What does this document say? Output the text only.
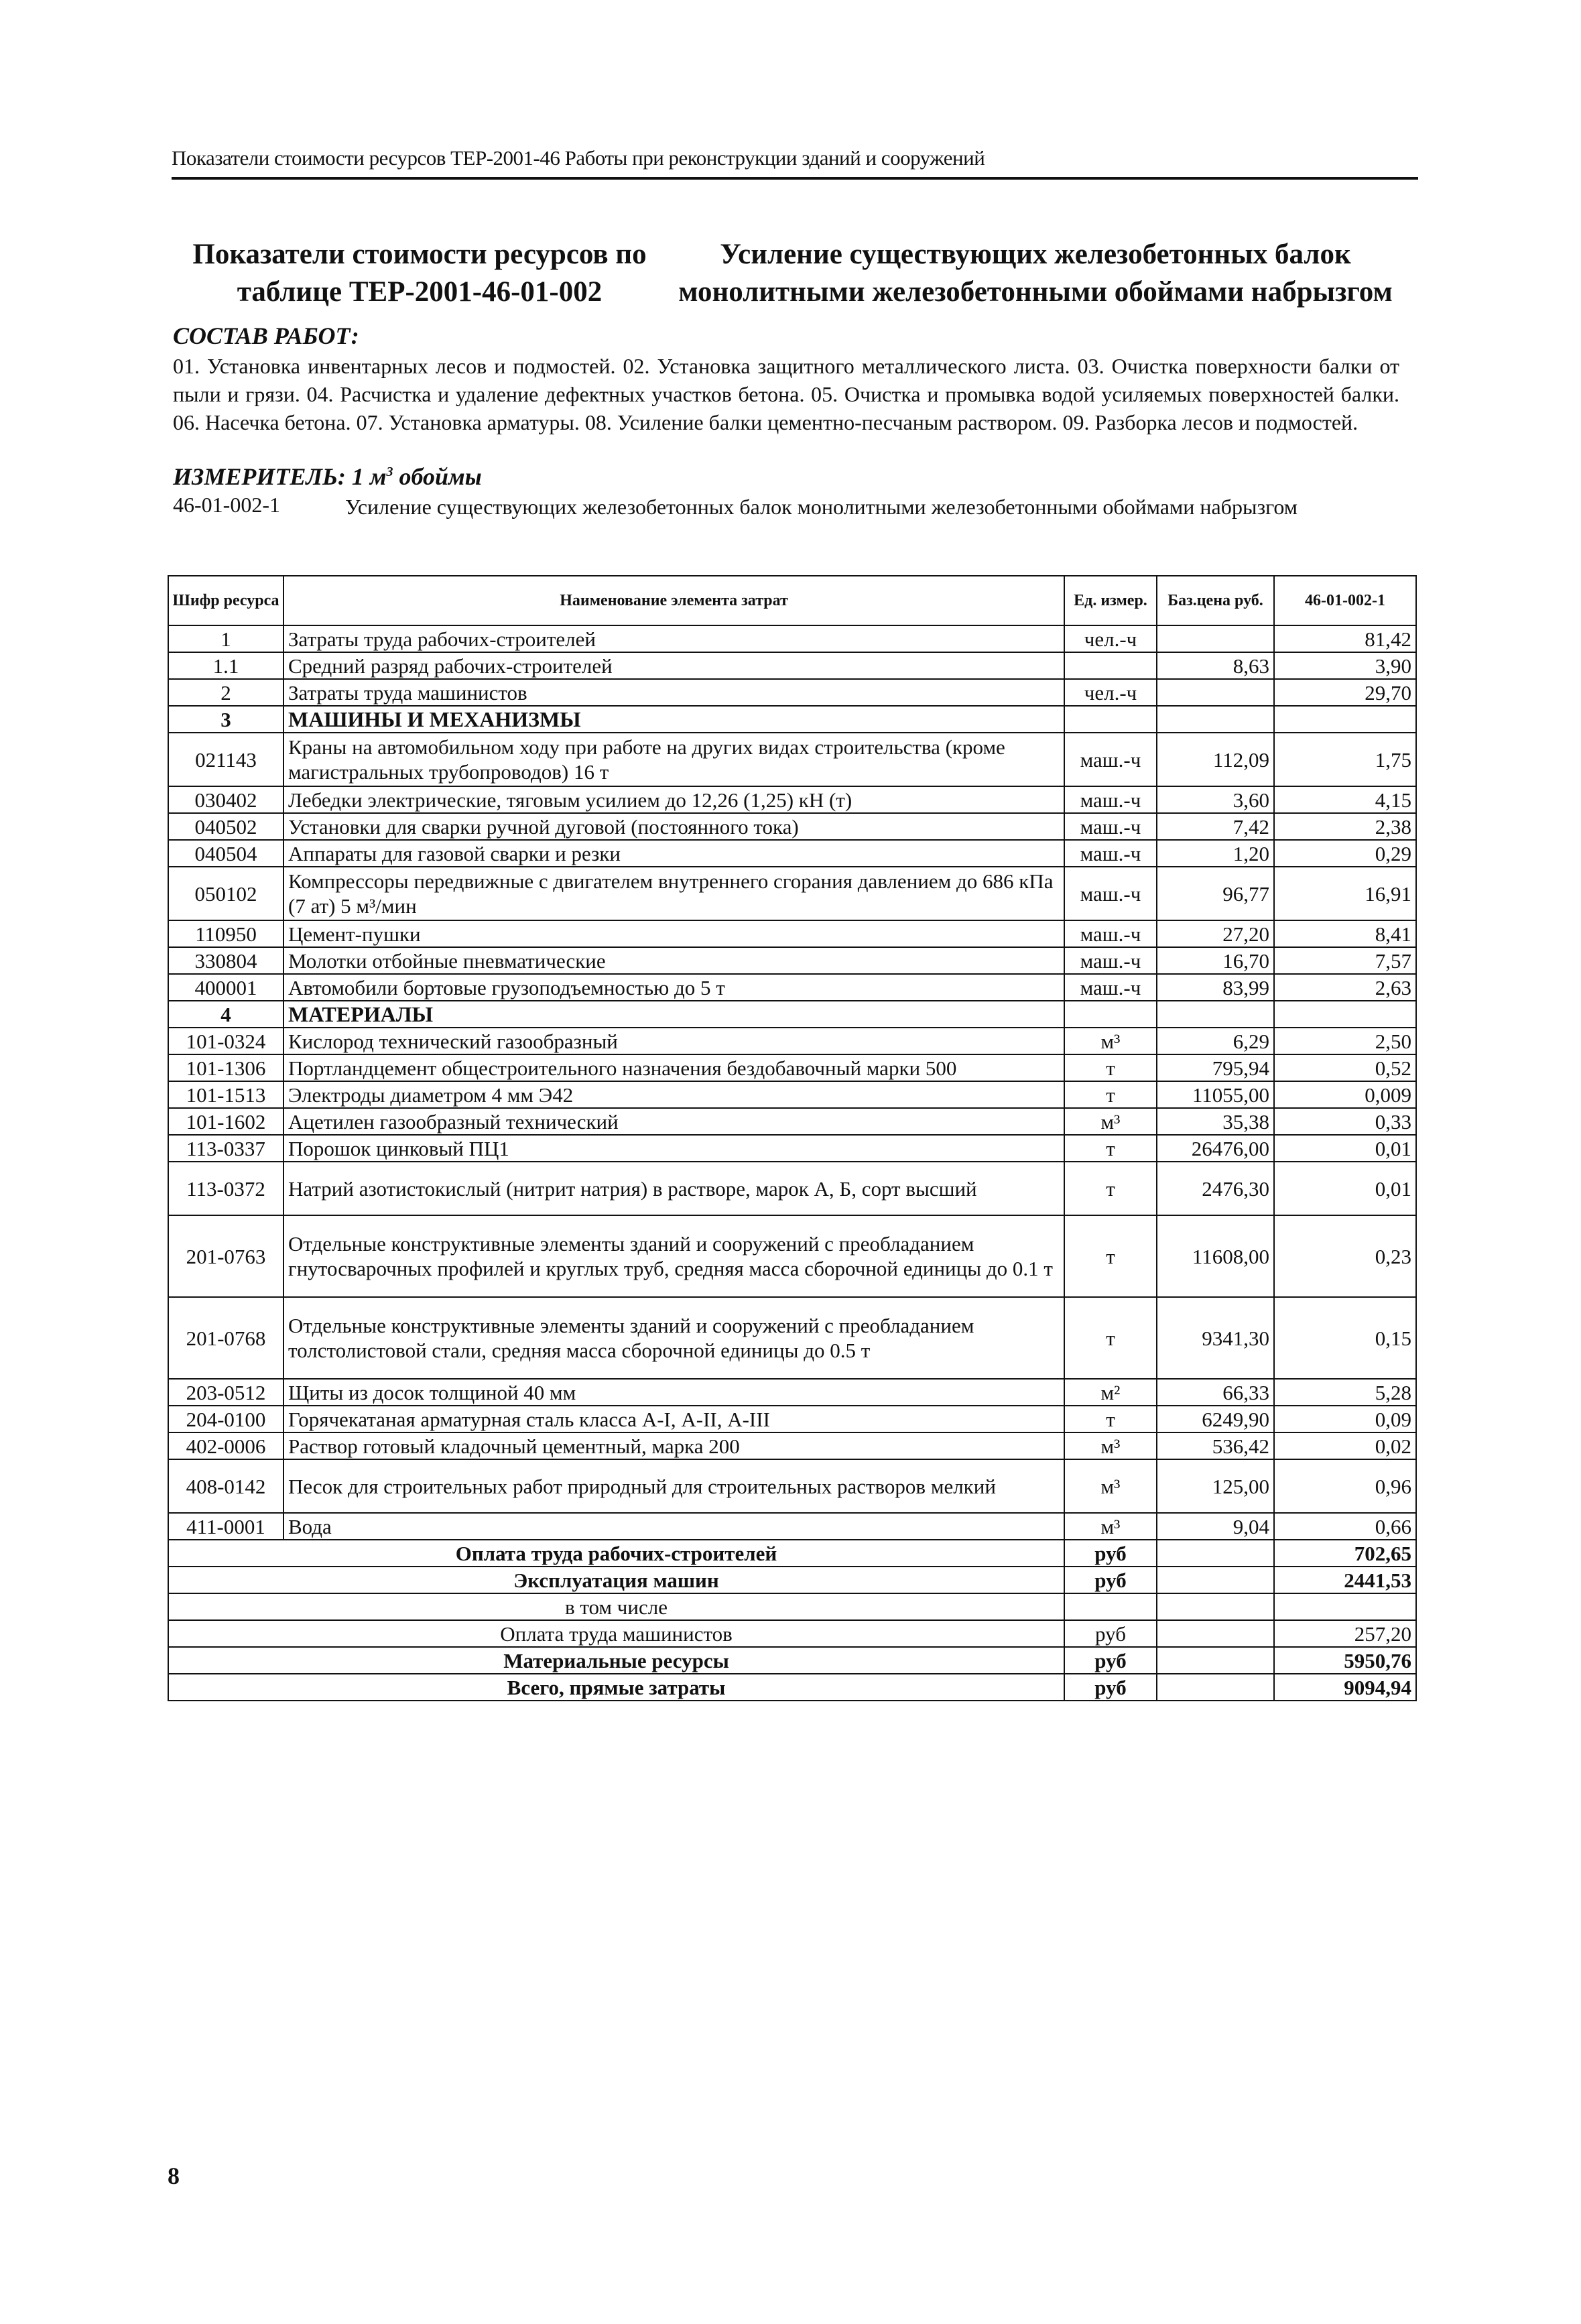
Показатели стоимости ресурсов ТЕР-2001-46 Работы при реконструкции зданий и сооружений
Показатели стоимости ресурсов по таблице ТЕР-2001-46-01-002
Усиление существующих железобетонных балок монолитными железобетонными обоймами набрызгом
СОСТАВ РАБОТ:
01. Установка инвентарных лесов и подмостей. 02. Установка защитного металлического листа. 03. Очистка поверхности балки от пыли и грязи. 04. Расчистка и удаление дефектных участков бетона. 05. Очистка и промывка водой усиляемых поверхностей балки. 06. Насечка бетона. 07. Установка арматуры. 08. Усиление балки цементно-песчаным раствором. 09. Разборка лесов и подмостей.
ИЗМЕРИТЕЛЬ: 1 $м^3$ обоймы
46-01-002-1	Усиление существующих железобетонных балок монолитными железобетонными обоймами набрызгом
Шифр ресурса	Наименование элемента затрат	Ед. измер.	Баз.цена руб.	46-01-002-1
1	Затраты труда рабочих-строителей	чел.-ч		81,42
1.1	Средний разряд рабочих-строителей		8,63	3,90
2	Затраты труда машинистов	чел.-ч		29,70
3	МАШИНЫ И МЕХАНИЗМЫ			
021143	Краны на автомобильном ходу при работе на других видах строительства (кроме магистральных трубопроводов) 16 т	маш.-ч	112,09	1,75
030402	Лебедки электрические, тяговым усилием до 12,26 (1,25) кН (т)	маш.-ч	3,60	4,15
040502	Установки для сварки ручной дуговой (постоянного тока)	маш.-ч	7,42	2,38
040504	Аппараты для газовой сварки и резки	маш.-ч	1,20	0,29
050102	Компрессоры передвижные с двигателем внутреннего сгорания давлением до 686 кПа (7 ат) 5 м³/мин	маш.-ч	96,77	16,91
110950	Цемент-пушки	маш.-ч	27,20	8,41
330804	Молотки отбойные пневматические	маш.-ч	16,70	7,57
400001	Автомобили бортовые грузоподъемностью до 5 т	маш.-ч	83,99	2,63
4	МАТЕРИАЛЫ			
101-0324	Кислород технический газообразный	м³	6,29	2,50
101-1306	Портландцемент общестроительного назначения бездобавочный марки 500	т	795,94	0,52
101-1513	Электроды диаметром 4 мм Э42	т	11055,00	0,009
101-1602	Ацетилен газообразный технический	м³	35,38	0,33
113-0337	Порошок цинковый ПЦ1	т	26476,00	0,01
113-0372	Натрий азотистокислый (нитрит натрия) в растворе, марок А, Б, сорт высший	т	2476,30	0,01
201-0763	Отдельные конструктивные элементы зданий и сооружений с преобладанием гнутосварочных профилей и круглых труб, средняя масса сборочной единицы до 0.1 т	т	11608,00	0,23
201-0768	Отдельные конструктивные элементы зданий и сооружений с преобладанием толстолистовой стали, средняя масса сборочной единицы до 0.5 т	т	9341,30	0,15
203-0512	Щиты из досок толщиной 40 мм	м²	66,33	5,28
204-0100	Горячекатаная арматурная сталь класса А-I, А-II, А-III	т	6249,90	0,09
402-0006	Раствор готовый кладочный цементный, марка 200	м³	536,42	0,02
408-0142	Песок для строительных работ природный для строительных растворов мелкий	м³	125,00	0,96
411-0001	Вода	м³	9,04	0,66
Оплата труда рабочих-строителей		руб		702,65
Эксплуатация машин		руб		2441,53
в том числе				
Оплата труда машинистов		руб		257,20
Материальные ресурсы		руб		5950,76
Всего, прямые затраты		руб		9094,94
8
